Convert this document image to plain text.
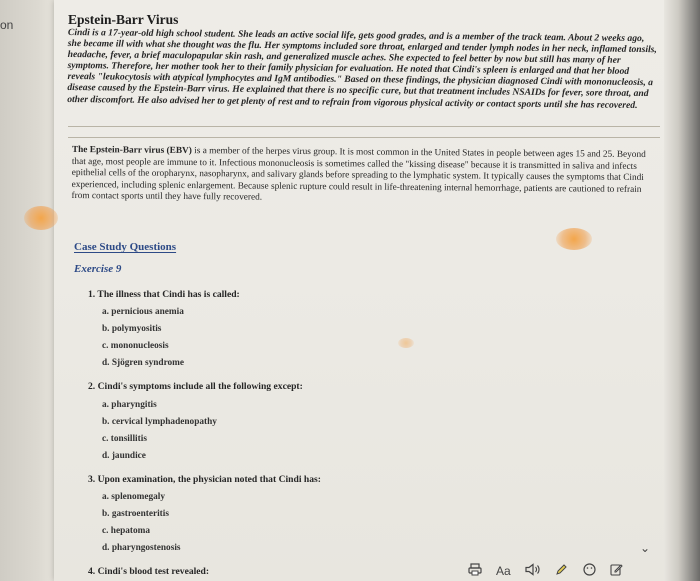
on	Epstein-Barr Virus
Cindi is a 17-year-old high school student. She leads an active social life, gets good grades, and is a member of the track team. About 2 weeks ago, she became ill with what she thought was the flu. Her symptoms included sore throat, enlarged and tender lymph nodes in her neck, inflamed tonsils, headache, fever, a brief maculopapular skin rash, and generalized muscle aches. She expected to feel better by now but still has many of her symptoms. Therefore, her mother took her to their family physician for evaluation. He noted that Cindi's spleen is enlarged and that her blood reveals "leukocytosis with atypical lymphocytes and IgM antibodies." Based on these findings, the physician diagnosed Cindi with mononucleosis, a disease caused by the Epstein-Barr virus. He explained that there is no specific cure, but that treatment includes NSAIDs for fever, sore throat, and other discomfort. He also advised her to get plenty of rest and to refrain from vigorous physical activity or contact sports until she has recovered.
The Epstein-Barr virus (EBV) is a member of the herpes virus group. It is most common in the United States in people between ages 15 and 25. Beyond that age, most people are immune to it. Infectious mononucleosis is sometimes called the "kissing disease" because it is transmitted in saliva and infects epithelial cells of the oropharynx, nasopharynx, and salivary glands before spreading to the lymphatic system. It typically causes the symptoms that Cindi experienced, including splenic enlargement. Because splenic rupture could result in life-threatening internal hemorrhage, patients are cautioned to refrain from contact sports until they have fully recovered.
Case Study Questions
Exercise 9
1. The illness that Cindi has is called:
a. pernicious anemia
b. polymyositis
c. mononucleosis
d. Sjögren syndrome
2. Cindi's symptoms include all the following except:
a. pharyngitis
b. cervical lymphadenopathy
c. tonsillitis
d. jaundice
3. Upon examination, the physician noted that Cindi has:
a. splenomegaly
b. gastroenteritis
c. hepatoma
d. pharyngostenosis
4. Cindi's blood test revealed:
⌄
Aa
